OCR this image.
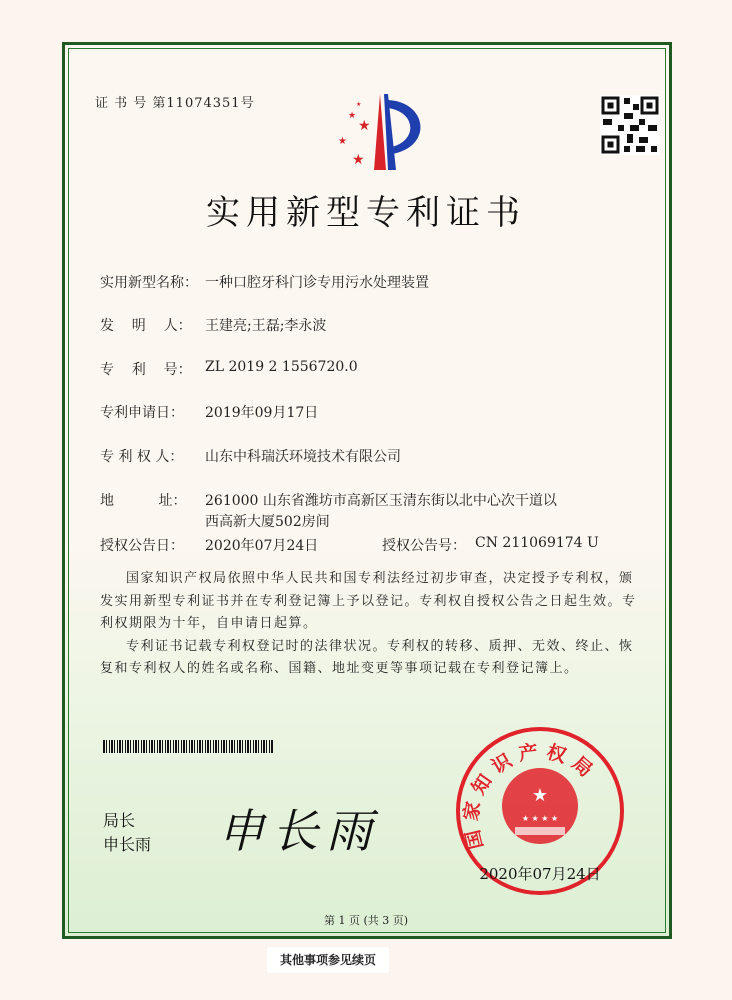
证 书 号 第11074351号
★
★
★
★
★
实用新型专利证书
实用新型名称： 一种口腔牙科门诊专用污水处理装置
发    明    人： 王建亮;王磊;李永波
专    利    号： ZL 2019 2 1556720.0
专利申请日： 2019年09月17日
专 利 权 人： 山东中科瑞沃环境技术有限公司
地          址： 261000 山东省潍坊市高新区玉清东街以北中心次干道以
西高新大厦502房间
授权公告日： 2020年07月24日	授权公告号： CN 211069174 U

国家知识产权局依照中华人民共和国专利法经过初步审查，决定授予专利权，颁发实用新型专利证书并在专利登记簿上予以登记。专利权自授权公告之日起生效。专利权期限为十年，自申请日起算。

专利证书记载专利权登记时的法律状况。专利权的转移、质押、无效、终止、恢复和专利权人的姓名或名称、国籍、地址变更等事项记载在专利登记簿上。

局长
申长雨 申长雨
★
★ ★ ★ ★
国家知识产权局
2020年07月24日
第 1 页 (共 3 页)
其他事项参见续页
